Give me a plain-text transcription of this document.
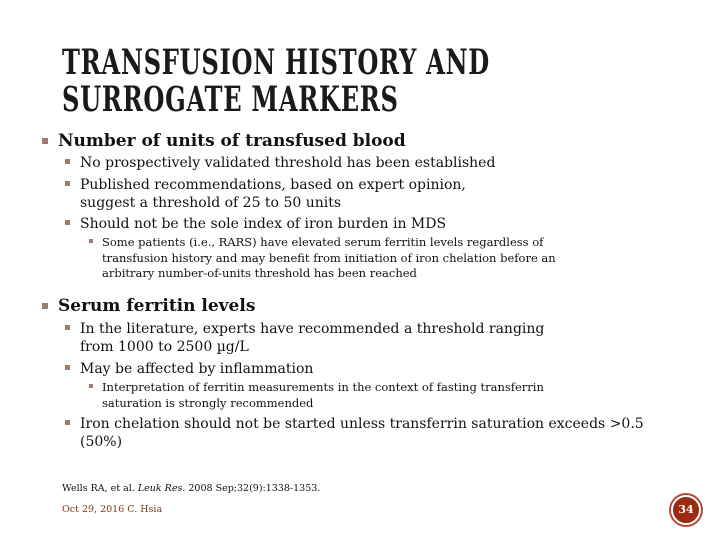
TRANSFUSION HISTORY AND SURROGATE MARKERS
Number of units of transfused blood
No prospectively validated threshold has been established
Published recommendations, based on expert opinion, suggest a threshold of 25 to 50 units
Should not be the sole index of iron burden in MDS
Some patients (i.e., RARS) have elevated serum ferritin levels regardless of transfusion history and may benefit from initiation of iron chelation before an arbitrary number-of-units threshold has been reached
Serum ferritin levels
In the literature, experts have recommended a threshold ranging from 1000 to 2500 µg/L
May be affected by inflammation
Interpretation of ferritin measurements in the context of fasting transferrin saturation is strongly recommended
Iron chelation should not be started unless transferrin saturation exceeds >0.5 (50%)
Wells RA, et al. Leuk Res. 2008 Sep;32(9):1338-1353.
Oct 29, 2016 C. Hsia	34
